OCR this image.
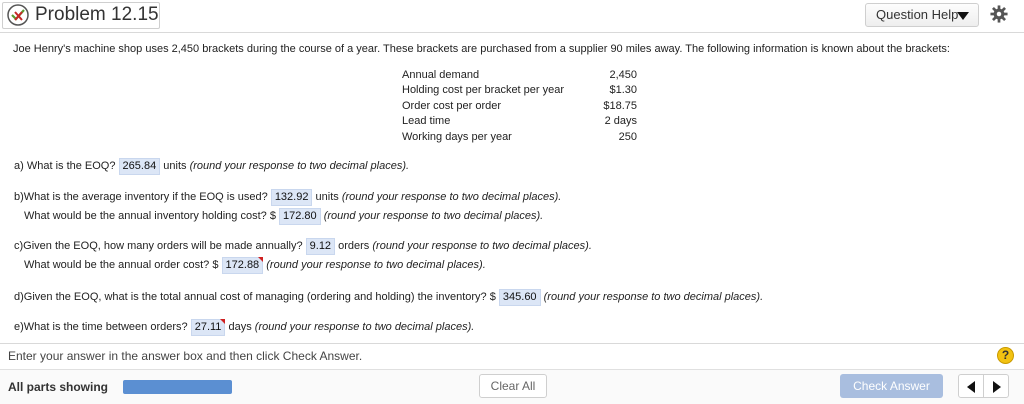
Problem 12.15	Question Help
Joe Henry's machine shop uses 2,450 brackets during the course of a year. These brackets are purchased from a supplier 90 miles away. The following information is known about the brackets:
Annual demand	2,450
Holding cost per bracket per year	$1.30
Order cost per order	$18.75
Lead time	2 days
Working days per year	250
a) What is the EOQ? 265.84 units (round your response to two decimal places).
b)What is the average inventory if the EOQ is used? 132.92 units (round your response to two decimal places).
What would be the annual inventory holding cost? $ 172.80 (round your response to two decimal places).
c)Given the EOQ, how many orders will be made annually? 9.12 orders (round your response to two decimal places).
What would be the annual order cost? $ 172.88 (round your response to two decimal places).
d)Given the EOQ, what is the total annual cost of managing (ordering and holding) the inventory? $ 345.60 (round your response to two decimal places).
e)What is the time between orders? 27.11 days (round your response to two decimal places).
Enter your answer in the answer box and then click Check Answer.	?
All parts showing	Clear All	Check Answer
